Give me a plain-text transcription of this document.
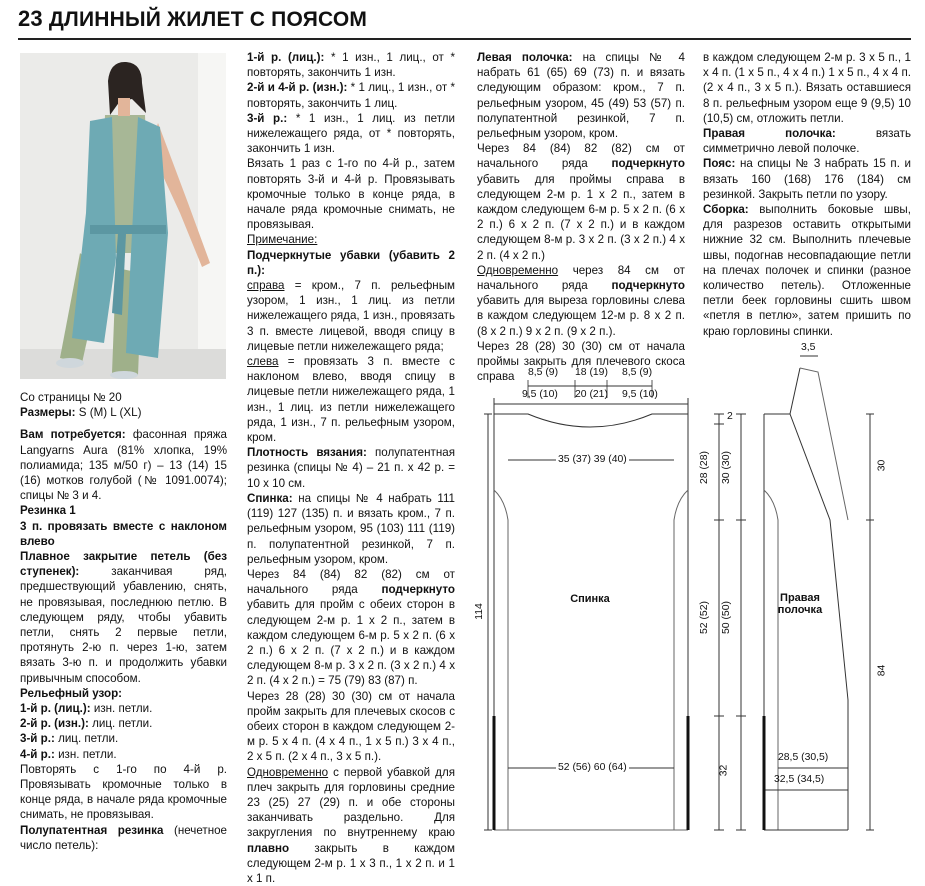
23 ДЛИННЫЙ ЖИЛЕТ С ПОЯСОМ

Со страницы № 20

Размеры: S (M) L (XL)

Вам потребуется: фасонная пряжа Langyarns Aura (81% хлопка, 19% полиамида; 135 м/50 г) – 13 (14) 15 (16) мотков голубой (№ 1091.0074); спицы № 3 и 4.

Резинка 1

3 п. провязать вместе с наклоном влево

Плавное закрытие петель (без ступенек):	заканчивая ряд, предшествующий убавлению, снять, не провязывая, последнюю петлю. В следующем ряду, чтобы убавить петли, снять 2 первые петли, протянуть 2-ю п. через 1-ю, затем вязать 3-ю п. и продолжить убавки привычным способом.

Рельефный узор:

1-й р. (лиц.): изн. петли.

2-й р. (изн.): лиц. петли.

3-й р.: лиц. петли.

4-й р.: изн. петли.

Повторять с 1-го по 4-й р. Провязывать кромочные только в конце ряда, в начале ряда кромочные снимать, не провязывая.

Полупатентная резинка (нечетное число петель):

1-й р. (лиц.): * 1 изн., 1 лиц., от * повторять, закончить 1 изн.

2-й и 4-й р. (изн.): * 1 лиц., 1 изн., от * повторять, закончить 1 лиц.

3-й р.: * 1 изн., 1 лиц. из петли нижележащего ряда, от * повторять, закончить 1 изн.

Вязать 1 раз с 1-го по 4-й р., затем повторять 3-й и 4-й р. Провязывать кромочные только в конце ряда, в начале ряда кромочные снимать, не провязывая.

Примечание:

Подчеркнутые убавки (убавить 2 п.):

справа = кром., 7 п. рельефным узором, 1 изн., 1 лиц. из петли нижележащего ряда, 1 изн., провязать 3 п. вместе лицевой, вводя спицу в лицевые петли нижележащего ряда;

слева = провязать 3 п. вместе с наклоном влево, вводя спицу в лицевые петли нижележащего ряда, 1 изн., 1 лиц. из петли нижележащего ряда, 1 изн., 7 п. рельефным узором, кром.

Плотность вязания: полупатентная резинка (спицы № 4) – 21 п. х 42 р. = 10 х 10 см.

Спинка: на спицы № 4 набрать 111 (119) 127 (135) п. и вязать кром., 7 п. рельефным узором, 95 (103) 111 (119) п. полупатентной резинкой, 7 п. рельефным узором, кром.

Через 84 (84) 82 (82) см от начального ряда подчеркнуто убавить для пройм с обеих сторон в следующем 2-м р. 1 х 2 п., затем в каждом следующем 6-м р. 5 х 2 п. (6 х 2 п.) 6 х 2 п. (7 х 2 п.) и в каждом следующем 8-м р. 3 х 2 п. (3 х 2 п.) 4 х 2 п. (4 х 2 п.) = 75 (79) 83 (87) п.

Через 28 (28) 30 (30) см от начала пройм закрыть для плечевых скосов с обеих сторон в каждом следующем 2-м р. 5 х 4 п. (4 х 4 п., 1 х 5 п.) 3 х 4 п., 2 х 5 п. (2 х 4 п., 3 х 5 п.).

Одновременно с первой убавкой для плеч закрыть для горловины средние 23 (25) 27 (29) п. и обе стороны заканчивать раздельно. Для закругления по внутреннему краю плавно закрыть в каждом следующем 2-м р. 1 х 3 п., 1 х 2 п. и 1 х 1 п.

Левая полочка: на спицы № 4 набрать 61 (65) 69 (73) п. и вязать следующим образом: кром., 7 п. рельефным узором, 45 (49) 53 (57) п. полупатентной резинкой, 7 п. рельефным узором, кром.

Через 84 (84) 82 (82) см от начального ряда подчеркнуто убавить для проймы справа в следующем 2-м р. 1 х 2 п., затем в каждом следующем 6-м р. 5 х 2 п. (6 х 2 п.) 6 х 2 п. (7 х 2 п.) и в каждом следующем 8-м р. 3 х 2 п. (3 х 2 п.) 4 х 2 п. (4 х 2 п.)

Одновременно через 84 см от начального ряда подчеркнуто убавить для выреза горловины слева в каждом следующем 12-м р. 8 х 2 п. (8 х 2 п.) 9 х 2 п. (9 х 2 п.).

Через 28 (28) 30 (30) см от начала проймы закрыть для плечевого скоса справа

в каждом следующем 2-м р. 3 х 5 п., 1 х 4 п. (1 х 5 п., 4 х 4 п.) 1 х 5 п., 4 х 4 п. (2 х 4 п., 3 х 5 п.). Вязать оставшиеся 8 п. рельефным узором еще 9 (9,5) 10 (10,5) см, отложить петли.

Правая полочка:	вязать симметрично левой полочке.

Пояс: на спицы № 3 набрать 15 п. и вязать 160 (168) 176 (184) см резинкой. Закрыть петли по узору.

Сборка: выполнить боковые швы, для разрезов оставить открытыми нижние 32 см. Выполнить плечевые швы, подогнав несовпадающие петли на плечах полочек и спинки (разное количество петель). Отложенные петли беек горловины сшить швом «петля в петлю», затем пришить по краю горловины спинки.

8,5 (9) 18 (19) 8,5 (9)
9,5 (10) 20 (21) 9,5 (10)
35 (37) 39 (40)
Спинка
52 (56) 60 (64)
114
2
28 (28) 30 (30)
52 (52) 50 (50)
32
3,5
Правая
полочка
28,5 (30,5)
32,5 (34,5)
30
84
